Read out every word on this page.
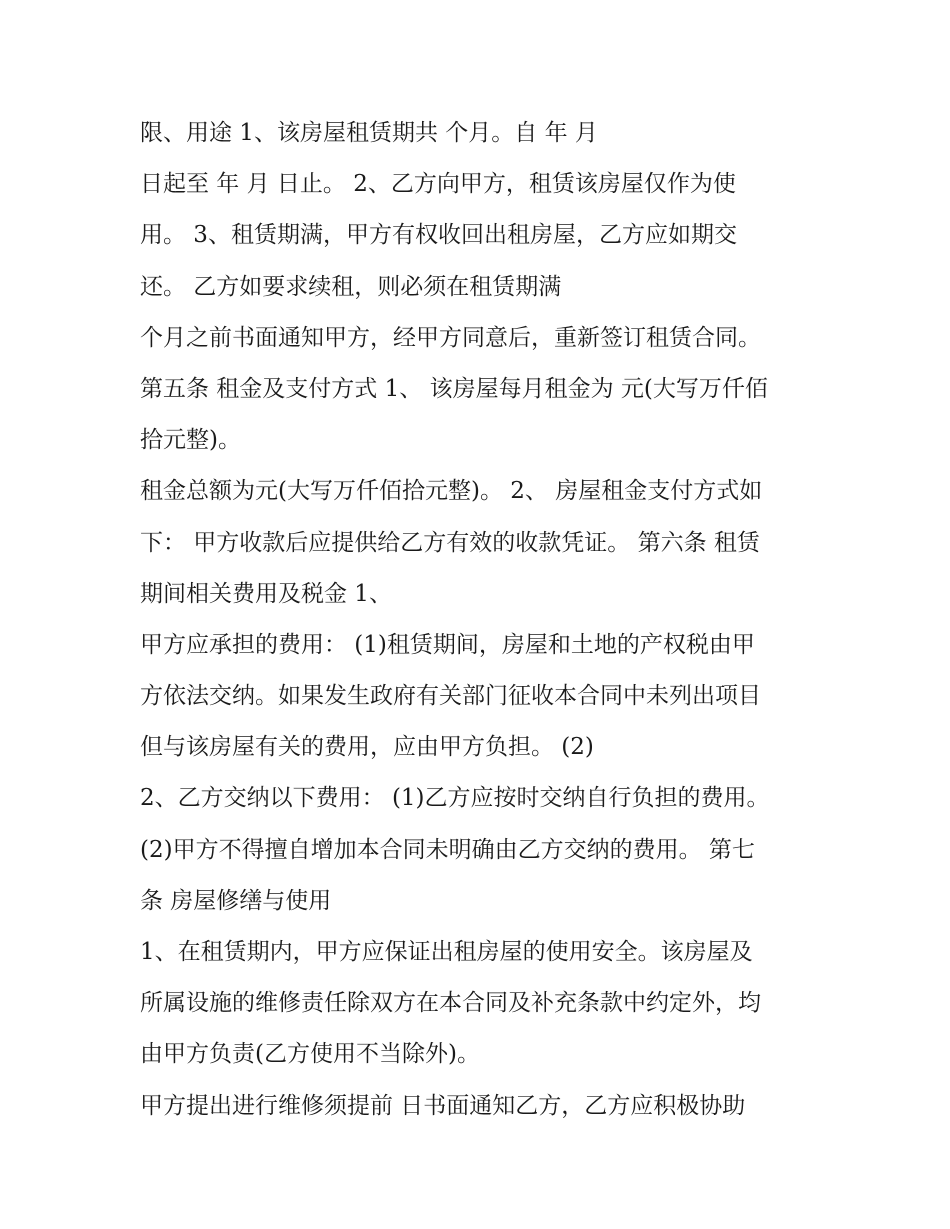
限、用途 1、该房屋租赁期共 个月。自 年 月
日起至 年 月 日止。 2、乙方向甲方，租赁该房屋仅作为使
用。 3、租赁期满，甲方有权收回出租房屋，乙方应如期交
还。 乙方如要求续租，则必须在租赁期满
个月之前书面通知甲方，经甲方同意后，重新签订租赁合同。
第五条 租金及支付方式 1、 该房屋每月租金为 元(大写万仟佰
拾元整)。
租金总额为元(大写万仟佰拾元整)。 2、 房屋租金支付方式如
下： 甲方收款后应提供给乙方有效的收款凭证。 第六条 租赁
期间相关费用及税金 1、
甲方应承担的费用： (1)租赁期间，房屋和土地的产权税由甲
方依法交纳。如果发生政府有关部门征收本合同中未列出项目
但与该房屋有关的费用，应由甲方负担。 (2)
2、乙方交纳以下费用： (1)乙方应按时交纳自行负担的费用。
(2)甲方不得擅自增加本合同未明确由乙方交纳的费用。 第七
条 房屋修缮与使用
1、在租赁期内，甲方应保证出租房屋的使用安全。该房屋及
所属设施的维修责任除双方在本合同及补充条款中约定外，均
由甲方负责(乙方使用不当除外)。
甲方提出进行维修须提前 日书面通知乙方，乙方应积极协助
